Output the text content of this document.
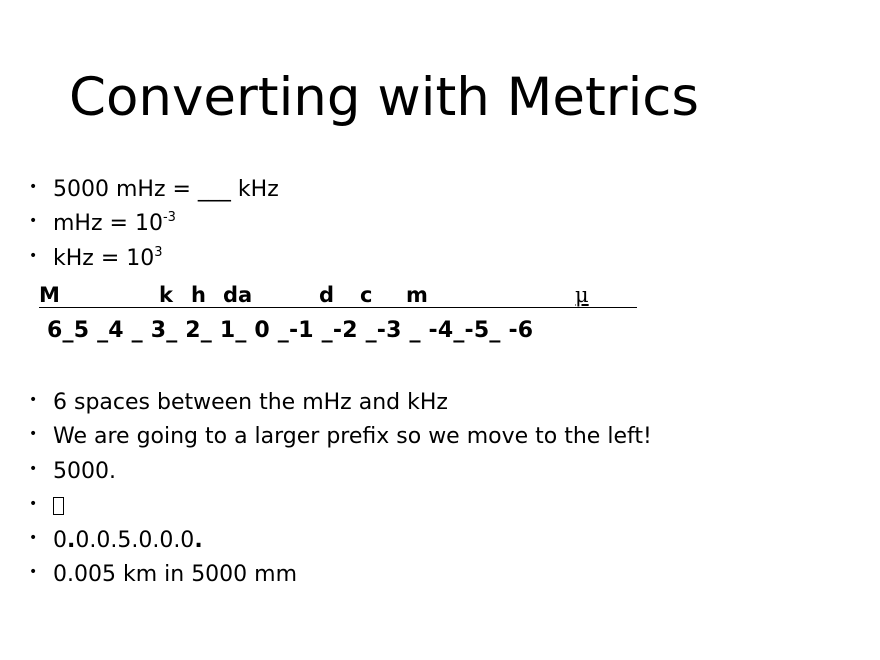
Converting with Metrics
• 5000 mHz = ___ kHz
• mHz = $10^{-3}$
• kHz = $10^3$
M	k h da	d c m	μ
6_5 _4 _ 3_ 2_ 1_ 0 _-1 _-2 _-3 _ -4_-5_ -6
• 6 spaces between the mHz and kHz
• We are going to a larger prefix so we move to the left!
• 5000.
•
• 0.0.0.5.0.0.0.
• 0.005 km in 5000 mm
